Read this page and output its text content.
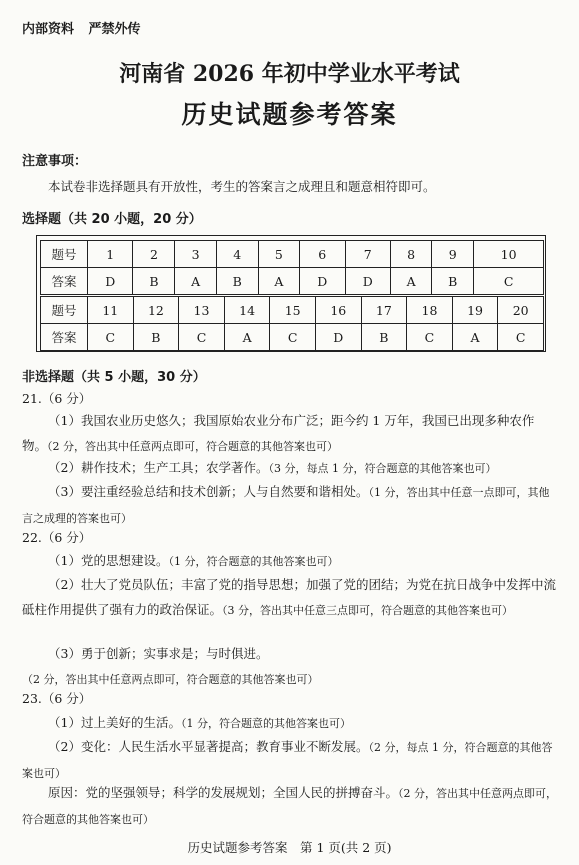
内部资料 严禁外传
河南省 2026 年初中学业水平考试
历史试题参考答案
注意事项：
本试卷非选择题具有开放性，考生的答案言之成理且和题意相符即可。
选择题（共 20 小题，20 分）
题号	1	2	3	4	5	6	7	8	9	10
答案	D	B	A	B	A	D	D	A	B	C
题号	11	12	13	14	15	16	17	18	19	20
答案	C	B	C	A	C	D	B	C	A	C
非选择题（共 5 小题，30 分）
21.（6 分）
（1）我国农业历史悠久；我国原始农业分布广泛；距今约 1 万年，我国已出现多种农作物。（2 分，答出其中任意两点即可，符合题意的其他答案也可）
（2）耕作技术；生产工具；农学著作。（3 分，每点 1 分，符合题意的其他答案也可）
（3）要注重经验总结和技术创新；人与自然要和谐相处。（1 分，答出其中任意一点即可，其他言之成理的答案也可）
22.（6 分）
（1）党的思想建设。（1 分，符合题意的其他答案也可）
（2）壮大了党员队伍；丰富了党的指导思想；加强了党的团结；为党在抗日战争中发挥中流砥柱作用提供了强有力的政治保证。（3 分，答出其中任意三点即可，符合题意的其他答案也可）
（3）勇于创新；实事求是；与时俱进。（2 分，答出其中任意两点即可，符合题意的其他答案也可）
23.（6 分）
（1）过上美好的生活。（1 分，符合题意的其他答案也可）
（2）变化：人民生活水平显著提高；教育事业不断发展。（2 分，每点 1 分，符合题意的其他答案也可）
原因：党的坚强领导；科学的发展规划；全国人民的拼搏奋斗。（2 分，答出其中任意两点即可，符合题意的其他答案也可）
历史试题参考答案　第 1 页(共 2 页)
